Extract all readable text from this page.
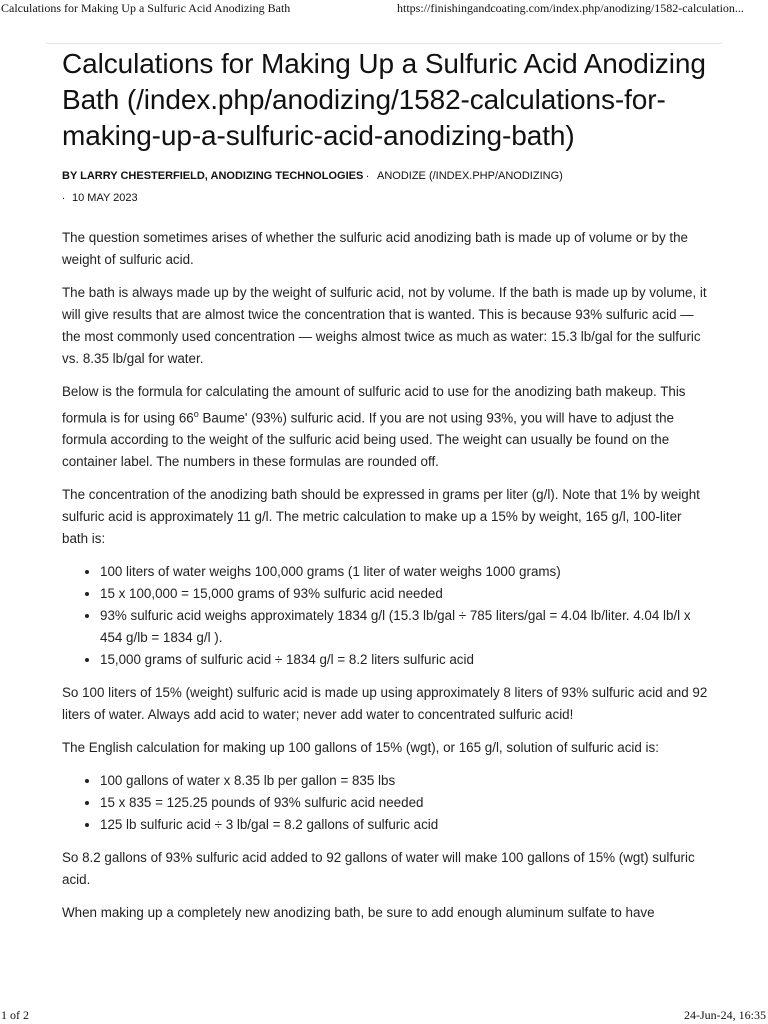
Calculations for Making Up a Sulfuric Acid Anodizing Bath	https://finishingandcoating.com/index.php/anodizing/1582-calculation...
Calculations for Making Up a Sulfuric Acid Anodizing Bath (/index.php/anodizing/1582-calculations-for-making-up-a-sulfuric-acid-anodizing-bath)
BY LARRY CHESTERFIELD, ANODIZING TECHNOLOGIES . ANODIZE (/INDEX.PHP/ANODIZING)
. 10 MAY 2023

The question sometimes arises of whether the sulfuric acid anodizing bath is made up of volume or by the weight of sulfuric acid.

The bath is always made up by the weight of sulfuric acid, not by volume. If the bath is made up by volume, it will give results that are almost twice the concentration that is wanted. This is because 93% sulfuric acid — the most commonly used concentration — weighs almost twice as much as water: 15.3 lb/gal for the sulfuric vs. 8.35 lb/gal for water.

Below is the formula for calculating the amount of sulfuric acid to use for the anodizing bath makeup. This formula is for using 66$^o$ Baume' (93%) sulfuric acid. If you are not using 93%, you will have to adjust the formula according to the weight of the sulfuric acid being used. The weight can usually be found on the container label. The numbers in these formulas are rounded off.

The concentration of the anodizing bath should be expressed in grams per liter (g/l). Note that 1% by weight sulfuric acid is approximately 11 g/l. The metric calculation to make up a 15% by weight, 165 g/l, 100-liter bath is:

• 100 liters of water weighs 100,000 grams (1 liter of water weighs 1000 grams)
• 15 x 100,000 = 15,000 grams of 93% sulfuric acid needed
• 93% sulfuric acid weighs approximately 1834 g/l (15.3 lb/gal ÷ 785 liters/gal = 4.04 lb/liter. 4.04 lb/l x 454 g/lb = 1834 g/l ).
• 15,000 grams of sulfuric acid ÷ 1834 g/l = 8.2 liters sulfuric acid

So 100 liters of 15% (weight) sulfuric acid is made up using approximately 8 liters of 93% sulfuric acid and 92 liters of water. Always add acid to water; never add water to concentrated sulfuric acid!

The English calculation for making up 100 gallons of 15% (wgt), or 165 g/l, solution of sulfuric acid is:

• 100 gallons of water x 8.35 lb per gallon = 835 lbs
• 15 x 835 = 125.25 pounds of 93% sulfuric acid needed
• 125 lb sulfuric acid ÷ 3 lb/gal = 8.2 gallons of sulfuric acid

So 8.2 gallons of 93% sulfuric acid added to 92 gallons of water will make 100 gallons of 15% (wgt) sulfuric acid.

When making up a completely new anodizing bath, be sure to add enough aluminum sulfate to have

1 of 2	24-Jun-24, 16:35
